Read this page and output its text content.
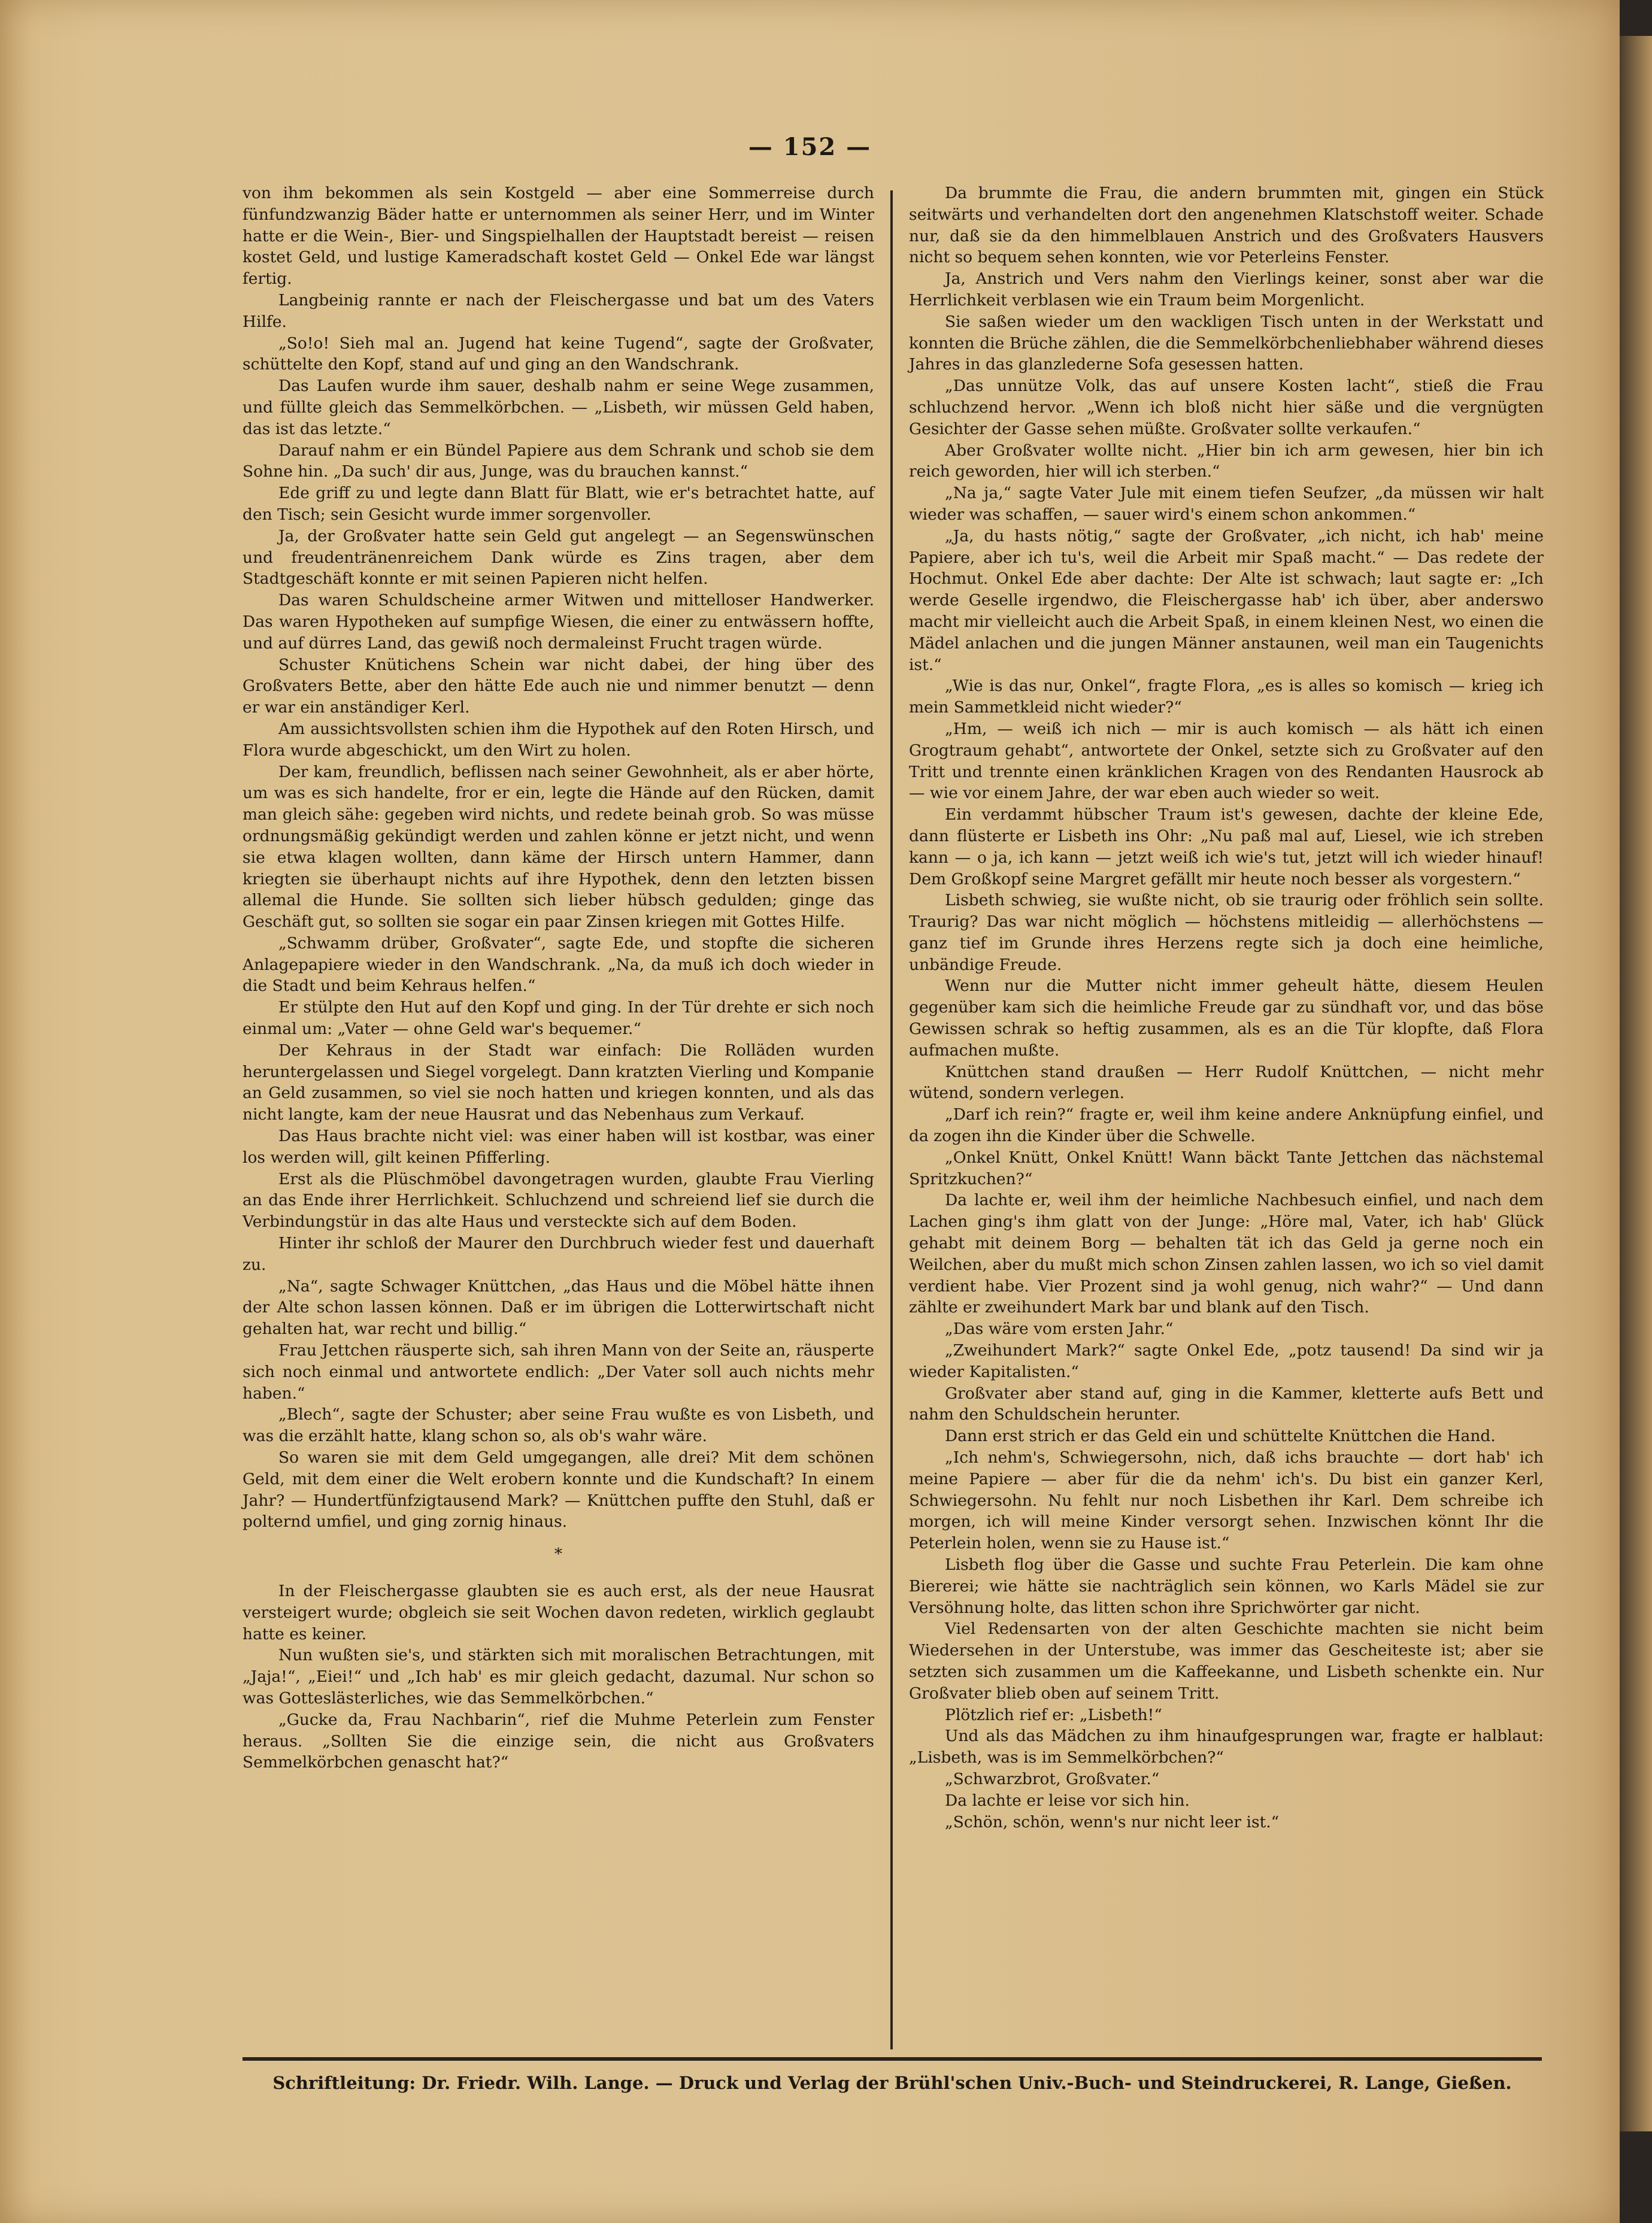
— 152 —

von ihm bekommen als sein Kostgeld — aber eine Sommerreise durch fünfundzwanzig Bäder hatte er unternommen als seiner Herr, und im Winter hatte er die Wein-, Bier- und Singspielhallen der Hauptstadt bereist — reisen kostet Geld, und lustige Kameradschaft kostet Geld — Onkel Ede war längst fertig.

Langbeinig rannte er nach der Fleischergasse und bat um des Vaters Hilfe.

„So!o! Sieh mal an. Jugend hat keine Tugend“, sagte der Großvater, schüttelte den Kopf, stand auf und ging an den Wandschrank.

Das Laufen wurde ihm sauer, deshalb nahm er seine Wege zusammen, und füllte gleich das Semmelkörbchen. — „Lisbeth, wir müssen Geld haben, das ist das letzte.“

Darauf nahm er ein Bündel Papiere aus dem Schrank und schob sie dem Sohne hin. „Da such' dir aus, Junge, was du brauchen kannst.“

Ede griff zu und legte dann Blatt für Blatt, wie er's betrachtet hatte, auf den Tisch; sein Gesicht wurde immer sorgenvoller.

Ja, der Großvater hatte sein Geld gut angelegt — an Segenswünschen und freudentränenreichem Dank würde es Zins tragen, aber dem Stadtgeschäft konnte er mit seinen Papieren nicht helfen.

Das waren Schuldscheine armer Witwen und mittelloser Handwerker. Das waren Hypotheken auf sumpfige Wiesen, die einer zu entwässern hoffte, und auf dürres Land, das gewiß noch dermaleinst Frucht tragen würde.

Schuster Knütichens Schein war nicht dabei, der hing über des Großvaters Bette, aber den hätte Ede auch nie und nimmer benutzt — denn er war ein anständiger Kerl.

Am aussichtsvollsten schien ihm die Hypothek auf den Roten Hirsch, und Flora wurde abgeschickt, um den Wirt zu holen.

Der kam, freundlich, beflissen nach seiner Gewohnheit, als er aber hörte, um was es sich handelte, fror er ein, legte die Hände auf den Rücken, damit man gleich sähe: gegeben wird nichts, und redete beinah grob. So was müsse ordnungsmäßig gekündigt werden und zahlen könne er jetzt nicht, und wenn sie etwa klagen wollten, dann käme der Hirsch untern Hammer, dann kriegten sie überhaupt nichts auf ihre Hypothek, denn den letzten bissen allemal die Hunde. Sie sollten sich lieber hübsch gedulden; ginge das Geschäft gut, so sollten sie sogar ein paar Zinsen kriegen mit Gottes Hilfe.

„Schwamm drüber, Großvater“, sagte Ede, und stopfte die sicheren Anlagepapiere wieder in den Wandschrank. „Na, da muß ich doch wieder in die Stadt und beim Kehraus helfen.“

Er stülpte den Hut auf den Kopf und ging. In der Tür drehte er sich noch einmal um: „Vater — ohne Geld war's bequemer.“

Der Kehraus in der Stadt war einfach: Die Rolläden wurden heruntergelassen und Siegel vorgelegt. Dann kratzten Vierling und Kompanie an Geld zusammen, so viel sie noch hatten und kriegen konnten, und als das nicht langte, kam der neue Hausrat und das Nebenhaus zum Verkauf.

Das Haus brachte nicht viel: was einer haben will ist kostbar, was einer los werden will, gilt keinen Pfifferling.

Erst als die Plüschmöbel davongetragen wurden, glaubte Frau Vierling an das Ende ihrer Herrlichkeit. Schluchzend und schreiend lief sie durch die Verbindungstür in das alte Haus und versteckte sich auf dem Boden.

Hinter ihr schloß der Maurer den Durchbruch wieder fest und dauerhaft zu.

„Na“, sagte Schwager Knüttchen, „das Haus und die Möbel hätte ihnen der Alte schon lassen können. Daß er im übrigen die Lotterwirtschaft nicht gehalten hat, war recht und billig.“

Frau Jettchen räusperte sich, sah ihren Mann von der Seite an, räusperte sich noch einmal und antwortete endlich: „Der Vater soll auch nichts mehr haben.“

„Blech“, sagte der Schuster; aber seine Frau wußte es von Lisbeth, und was die erzählt hatte, klang schon so, als ob's wahr wäre.

So waren sie mit dem Geld umgegangen, alle drei? Mit dem schönen Geld, mit dem einer die Welt erobern konnte und die Kundschaft? In einem Jahr? — Hundertfünfzigtausend Mark? — Knüttchen puffte den Stuhl, daß er polternd umfiel, und ging zornig hinaus.

*

In der Fleischergasse glaubten sie es auch erst, als der neue Hausrat versteigert wurde; obgleich sie seit Wochen davon redeten, wirklich geglaubt hatte es keiner.

Nun wußten sie's, und stärkten sich mit moralischen Betrachtungen, mit „Jaja!“, „Eiei!“ und „Ich hab' es mir gleich gedacht, dazumal. Nur schon so was Gotteslästerliches, wie das Semmelkörbchen.“

„Gucke da, Frau Nachbarin“, rief die Muhme Peterlein zum Fenster heraus. „Sollten Sie die einzige sein, die nicht aus Großvaters Semmelkörbchen genascht hat?“

Da brummte die Frau, die andern brummten mit, gingen ein Stück seitwärts und verhandelten dort den angenehmen Klatschstoff weiter. Schade nur, daß sie da den himmelblauen Anstrich und des Großvaters Hausvers nicht so bequem sehen konnten, wie vor Peterleins Fenster.

Ja, Anstrich und Vers nahm den Vierlings keiner, sonst aber war die Herrlichkeit verblasen wie ein Traum beim Morgenlicht.

Sie saßen wieder um den wackligen Tisch unten in der Werkstatt und konnten die Brüche zählen, die die Semmelkörbchenliebhaber während dieses Jahres in das glanzlederne Sofa gesessen hatten.

„Das unnütze Volk, das auf unsere Kosten lacht“, stieß die Frau schluchzend hervor. „Wenn ich bloß nicht hier säße und die vergnügten Gesichter der Gasse sehen müßte. Großvater sollte verkaufen.“

Aber Großvater wollte nicht. „Hier bin ich arm gewesen, hier bin ich reich geworden, hier will ich sterben.“

„Na ja,“ sagte Vater Jule mit einem tiefen Seufzer, „da müssen wir halt wieder was schaffen, — sauer wird's einem schon ankommen.“

„Ja, du hasts nötig,“ sagte der Großvater, „ich nicht, ich hab' meine Papiere, aber ich tu's, weil die Arbeit mir Spaß macht.“ — Das redete der Hochmut. Onkel Ede aber dachte: Der Alte ist schwach; laut sagte er: „Ich werde Geselle irgendwo, die Fleischergasse hab' ich über, aber anderswo macht mir vielleicht auch die Arbeit Spaß, in einem kleinen Nest, wo einen die Mädel anlachen und die jungen Männer anstaunen, weil man ein Taugenichts ist.“

„Wie is das nur, Onkel“, fragte Flora, „es is alles so komisch — krieg ich mein Sammetkleid nicht wieder?“

„Hm, — weiß ich nich — mir is auch komisch — als hätt ich einen Grogtraum gehabt“, antwortete der Onkel, setzte sich zu Großvater auf den Tritt und trennte einen kränklichen Kragen von des Rendanten Hausrock ab — wie vor einem Jahre, der war eben auch wieder so weit.

Ein verdammt hübscher Traum ist's gewesen, dachte der kleine Ede, dann flüsterte er Lisbeth ins Ohr: „Nu paß mal auf, Liesel, wie ich streben kann — o ja, ich kann — jetzt weiß ich wie's tut, jetzt will ich wieder hinauf! Dem Großkopf seine Margret gefällt mir heute noch besser als vorgestern.“

Lisbeth schwieg, sie wußte nicht, ob sie traurig oder fröhlich sein sollte. Traurig? Das war nicht möglich — höchstens mitleidig — allerhöchstens — ganz tief im Grunde ihres Herzens regte sich ja doch eine heimliche, unbändige Freude.

Wenn nur die Mutter nicht immer geheult hätte, diesem Heulen gegenüber kam sich die heimliche Freude gar zu sündhaft vor, und das böse Gewissen schrak so heftig zusammen, als es an die Tür klopfte, daß Flora aufmachen mußte.

Knüttchen stand draußen — Herr Rudolf Knüttchen, — nicht mehr wütend, sondern verlegen.

„Darf ich rein?“ fragte er, weil ihm keine andere Anknüpfung einfiel, und da zogen ihn die Kinder über die Schwelle.

„Onkel Knütt, Onkel Knütt! Wann bäckt Tante Jettchen das nächstemal Spritzkuchen?“

Da lachte er, weil ihm der heimliche Nachbesuch einfiel, und nach dem Lachen ging's ihm glatt von der Junge: „Höre mal, Vater, ich hab' Glück gehabt mit deinem Borg — behalten tät ich das Geld ja gerne noch ein Weilchen, aber du mußt mich schon Zinsen zahlen lassen, wo ich so viel damit verdient habe. Vier Prozent sind ja wohl genug, nich wahr?“ — Und dann zählte er zweihundert Mark bar und blank auf den Tisch.

„Das wäre vom ersten Jahr.“

„Zweihundert Mark?“ sagte Onkel Ede, „potz tausend! Da sind wir ja wieder Kapitalisten.“

Großvater aber stand auf, ging in die Kammer, kletterte aufs Bett und nahm den Schuldschein herunter.

Dann erst strich er das Geld ein und schüttelte Knüttchen die Hand.

„Ich nehm's, Schwiegersohn, nich, daß ichs brauchte — dort hab' ich meine Papiere — aber für die da nehm' ich's. Du bist ein ganzer Kerl, Schwiegersohn. Nu fehlt nur noch Lisbethen ihr Karl. Dem schreibe ich morgen, ich will meine Kinder versorgt sehen. Inzwischen könnt Ihr die Peterlein holen, wenn sie zu Hause ist.“

Lisbeth flog über die Gasse und suchte Frau Peterlein. Die kam ohne Biererei; wie hätte sie nachträglich sein können, wo Karls Mädel sie zur Versöhnung holte, das litten schon ihre Sprichwörter gar nicht.

Viel Redensarten von der alten Geschichte machten sie nicht beim Wiedersehen in der Unterstube, was immer das Gescheiteste ist; aber sie setzten sich zusammen um die Kaffeekanne, und Lisbeth schenkte ein. Nur Großvater blieb oben auf seinem Tritt.

Plötzlich rief er: „Lisbeth!“

Und als das Mädchen zu ihm hinaufgesprungen war, fragte er halblaut: „Lisbeth, was is im Semmelkörbchen?“

„Schwarzbrot, Großvater.“

Da lachte er leise vor sich hin.

„Schön, schön, wenn's nur nicht leer ist.“

Schriftleitung: Dr. Friedr. Wilh. Lange. — Druck und Verlag der Brühl'schen Univ.-Buch- und Steindruckerei, R. Lange, Gießen.
